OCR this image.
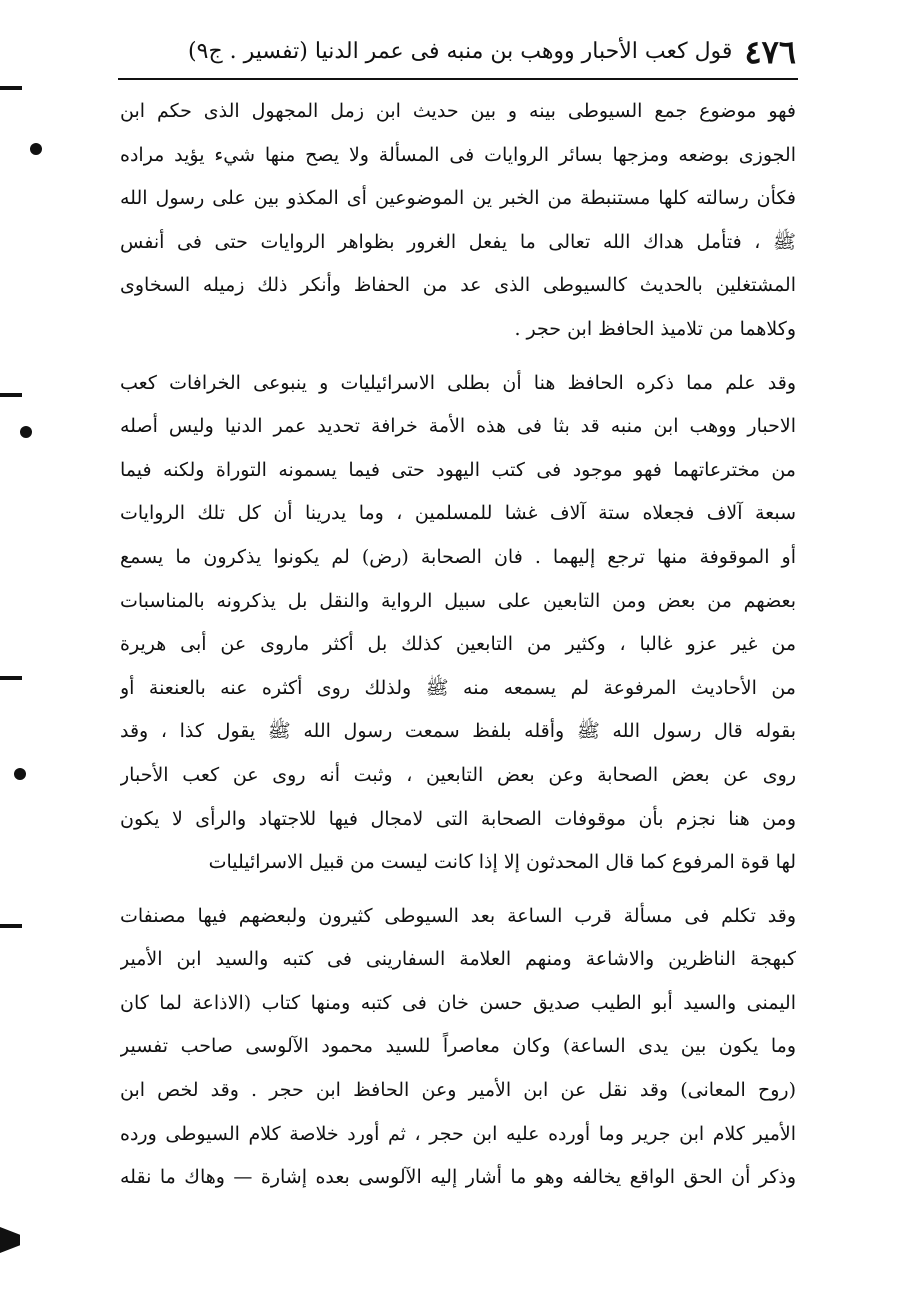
٤٧٦
قول كعب الأحبار ووهب بن منبه فى عمر الدنيا (تفسير . ج٩)
فهو موضوع جمع السيوطى بينه و بين حديث ابن زمل المجهول الذى حكم ابن
الجوزى بوضعه ومزجها بسائر الروايات فى المسألة ولا يصح منها شيء يؤيد مراده
فكأن رسالته كلها مستنبطة من الخبر ين الموضوعين أى المكذو بين على رسول الله
ﷺ ، فتأمل هداك الله تعالى ما يفعل الغرور بظواهر الروايات حتى فى أنفس
المشتغلين بالحديث كالسيوطى الذى عد من الحفاظ وأنكر ذلك زميله السخاوى
وكلاهما من تلاميذ الحافظ ابن حجر .
وقد علم مما ذكره الحافظ هنا أن بطلى الاسرائيليات و ينبوعى الخرافات كعب
الاحبار ووهب ابن منبه قد بثا فى هذه الأمة خرافة تحديد عمر الدنيا وليس أصله
من مخترعاتهما فهو موجود فى كتب اليهود حتى فيما يسمونه التوراة ولكنه فيما
سبعة آلاف فجعلاه ستة آلاف غشا للمسلمين ، وما يدرينا أن كل تلك الروايات
أو الموقوفة منها ترجع إليهما . فان الصحابة (رض) لم يكونوا يذكرون ما يسمع
بعضهم من بعض ومن التابعين على سبيل الرواية والنقل بل يذكرونه بالمناسبات
من غير عزو غالبا ، وكثير من التابعين كذلك بل أكثر ماروى عن أبى هريرة
من الأحاديث المرفوعة لم يسمعه منه ﷺ ولذلك روى أكثره عنه بالعنعنة أو
بقوله قال رسول الله ﷺ وأقله بلفظ سمعت رسول الله ﷺ يقول كذا ، وقد
روى عن بعض الصحابة وعن بعض التابعين ، وثبت أنه روى عن كعب الأحبار
ومن هنا نجزم بأن موقوفات الصحابة التى لامجال فيها للاجتهاد والرأى لا يكون
لها قوة المرفوع كما قال المحدثون إلا إذا كانت ليست من قبيل الاسرائيليات
وقد تكلم فى مسألة قرب الساعة بعد السيوطى كثيرون ولبعضهم فيها مصنفات
كبهجة الناظرين والاشاعة ومنهم العلامة السفارينى فى كتبه والسيد ابن الأمير
اليمنى والسيد أبو الطيب صديق حسن خان فى كتبه ومنها كتاب (الاذاعة لما كان
وما يكون بين يدى الساعة) وكان معاصراً للسيد محمود الآلوسى صاحب تفسير
(روح المعانى) وقد نقل عن ابن الأمير وعن الحافظ ابن حجر . وقد لخص ابن
الأمير كلام ابن جرير وما أورده عليه ابن حجر ، ثم أورد خلاصة كلام السيوطى ورده
وذكر أن الحق الواقع يخالفه وهو ما أشار إليه الآلوسى بعده إشارة — وهاك ما نقله
